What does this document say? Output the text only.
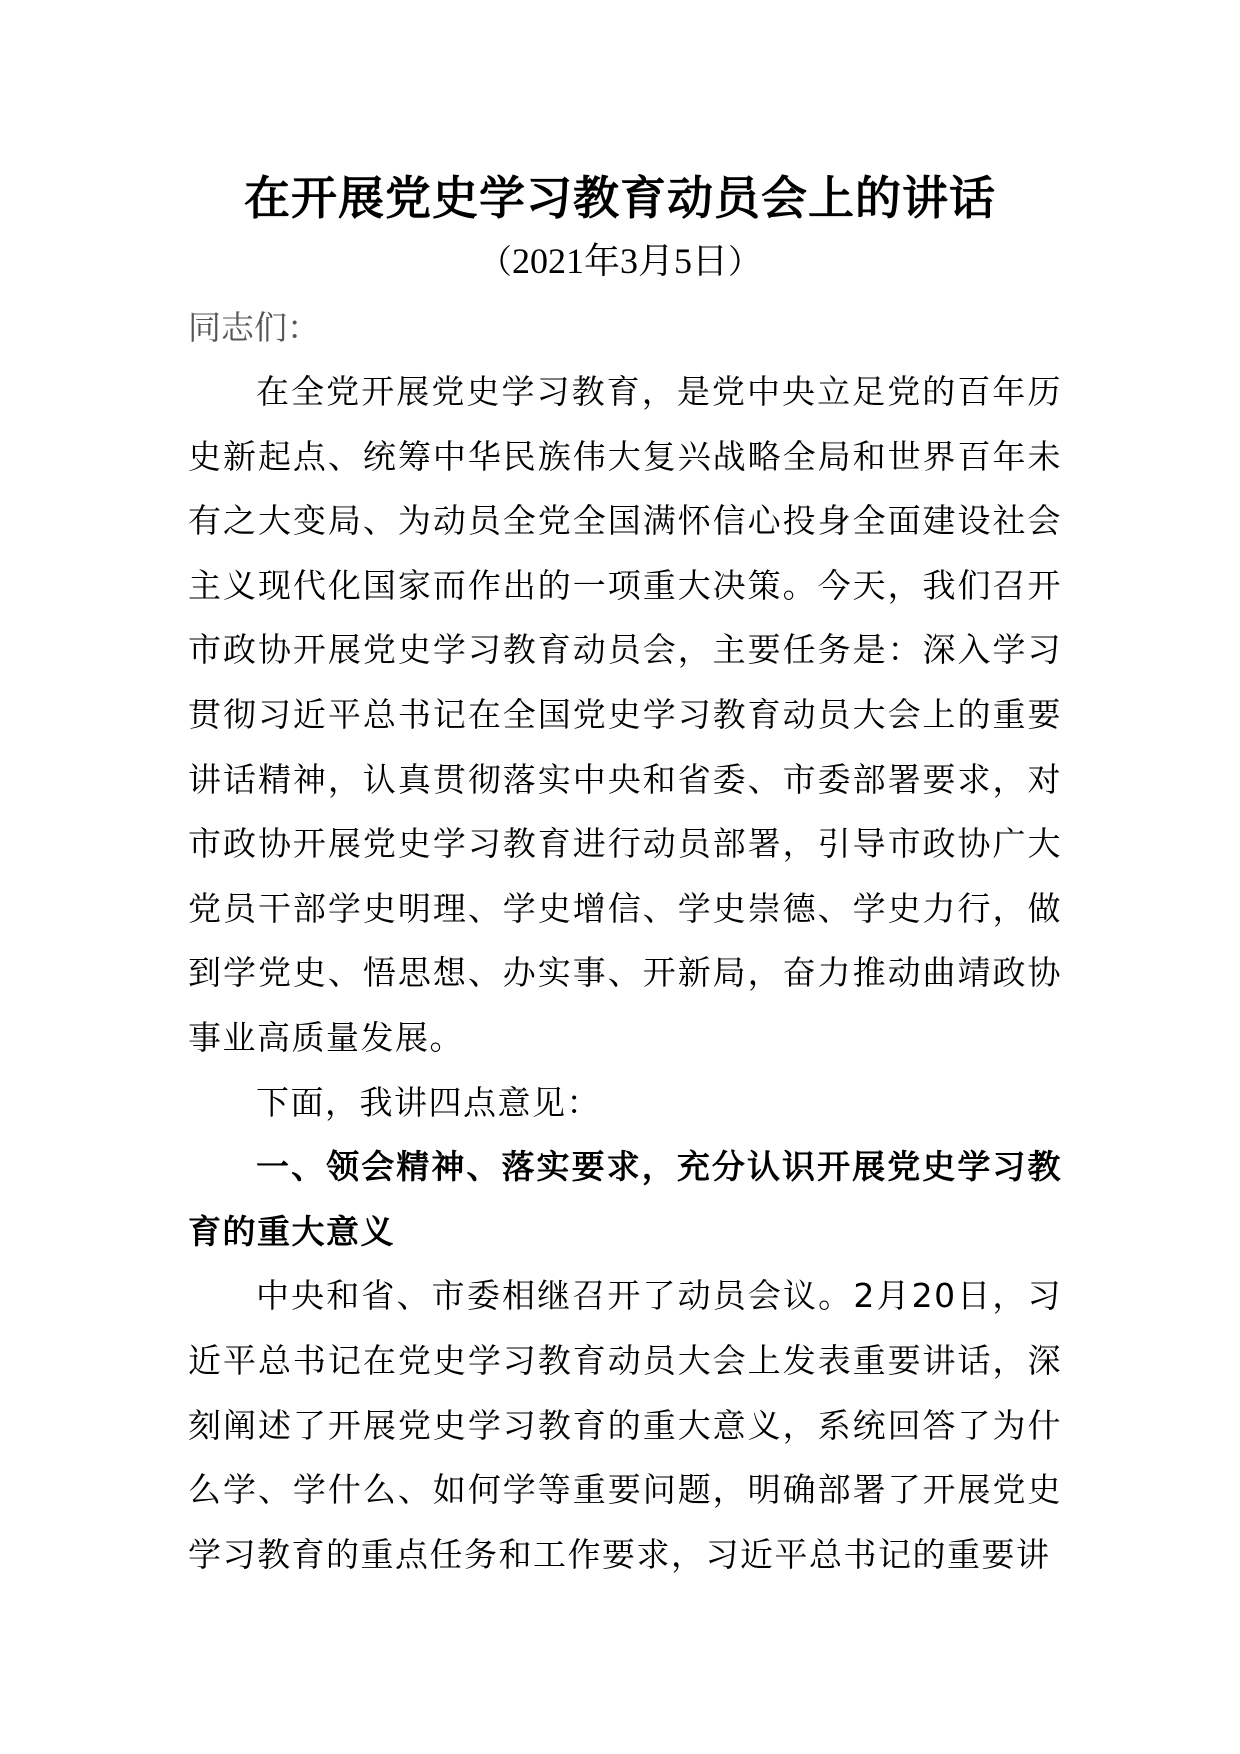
在开展党史学习教育动员会上的讲话
（2021年3月5日）
同志们：

在全党开展党史学习教育，是党中央立足党的百年历史新起点、统筹中华民族伟大复兴战略全局和世界百年未有之大变局、为动员全党全国满怀信心投身全面建设社会主义现代化国家而作出的一项重大决策。今天，我们召开市政协开展党史学习教育动员会，主要任务是：深入学习贯彻习近平总书记在全国党史学习教育动员大会上的重要讲话精神，认真贯彻落实中央和省委、市委部署要求，对市政协开展党史学习教育进行动员部署，引导市政协广大党员干部学史明理、学史增信、学史崇德、学史力行，做到学党史、悟思想、办实事、开新局，奋力推动曲靖政协事业高质量发展。

下面，我讲四点意见：

一、领会精神、落实要求，充分认识开展党史学习教育的重大意义

中央和省、市委相继召开了动员会议。2月20日，习近平总书记在党史学习教育动员大会上发表重要讲话，深刻阐述了开展党史学习教育的重大意义，系统回答了为什么学、学什么、如何学等重要问题，明确部署了开展党史学习教育的重点任务和工作要求，习近平总书记的重要讲
